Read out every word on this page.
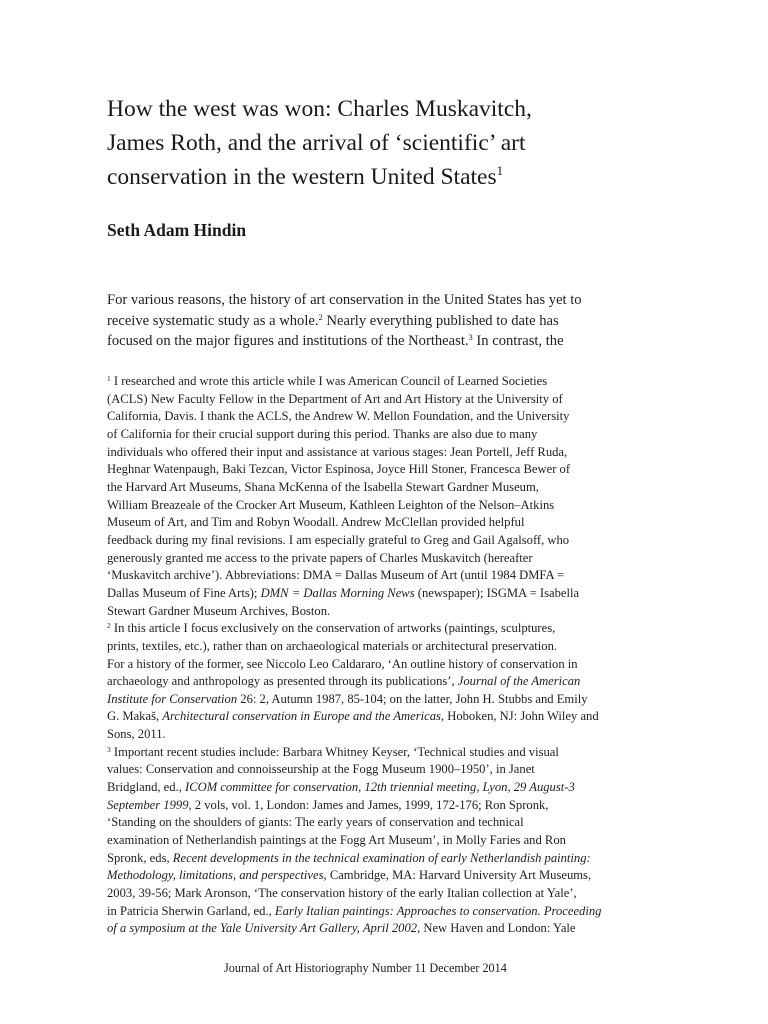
How the west was won: Charles Muskavitch,
James Roth, and the arrival of ‘scientific’ art
conservation in the western United States$^1$

Seth Adam Hindin

For various reasons, the history of art conservation in the United States has yet to
receive systematic study as a whole.$^2$ Nearly everything published to date has
focused on the major figures and institutions of the Northeast.$^3$ In contrast, the

$^1$ I researched and wrote this article while I was American Council of Learned Societies
(ACLS) New Faculty Fellow in the Department of Art and Art History at the University of
California, Davis. I thank the ACLS, the Andrew W. Mellon Foundation, and the University
of California for their crucial support during this period. Thanks are also due to many
individuals who offered their input and assistance at various stages: Jean Portell, Jeff Ruda,
Heghnar Watenpaugh, Baki Tezcan, Victor Espinosa, Joyce Hill Stoner, Francesca Bewer of
the Harvard Art Museums, Shana McKenna of the Isabella Stewart Gardner Museum,
William Breazeale of the Crocker Art Museum, Kathleen Leighton of the Nelson–Atkins
Museum of Art, and Tim and Robyn Woodall. Andrew McClellan provided helpful
feedback during my final revisions. I am especially grateful to Greg and Gail Agalsoff, who
generously granted me access to the private papers of Charles Muskavitch (hereafter
‘Muskavitch archive’). Abbreviations: DMA = Dallas Museum of Art (until 1984 DMFA =
Dallas Museum of Fine Arts); DMN = Dallas Morning News (newspaper); ISGMA = Isabella
Stewart Gardner Museum Archives, Boston.
$^2$ In this article I focus exclusively on the conservation of artworks (paintings, sculptures,
prints, textiles, etc.), rather than on archaeological materials or architectural preservation.
For a history of the former, see Niccolo Leo Caldararo, ‘An outline history of conservation in
archaeology and anthropology as presented through its publications’, Journal of the American
Institute for Conservation 26: 2, Autumn 1987, 85-104; on the latter, John H. Stubbs and Emily
G. Makaš, Architectural conservation in Europe and the Americas, Hoboken, NJ: John Wiley and
Sons, 2011.
$^3$ Important recent studies include: Barbara Whitney Keyser, ‘Technical studies and visual
values: Conservation and connoisseurship at the Fogg Museum 1900–1950’, in Janet
Bridgland, ed., ICOM committee for conservation, 12th triennial meeting, Lyon, 29 August-3
September 1999, 2 vols, vol. 1, London: James and James, 1999, 172-176; Ron Spronk,
‘Standing on the shoulders of giants: The early years of conservation and technical
examination of Netherlandish paintings at the Fogg Art Museum’, in Molly Faries and Ron
Spronk, eds, Recent developments in the technical examination of early Netherlandish painting:
Methodology, limitations, and perspectives, Cambridge, MA: Harvard University Art Museums,
2003, 39-56; Mark Aronson, ‘The conservation history of the early Italian collection at Yale’,
in Patricia Sherwin Garland, ed., Early Italian paintings: Approaches to conservation. Proceeding
of a symposium at the Yale University Art Gallery, April 2002, New Haven and London: Yale
Journal of Art Historiography Number 11 December 2014
